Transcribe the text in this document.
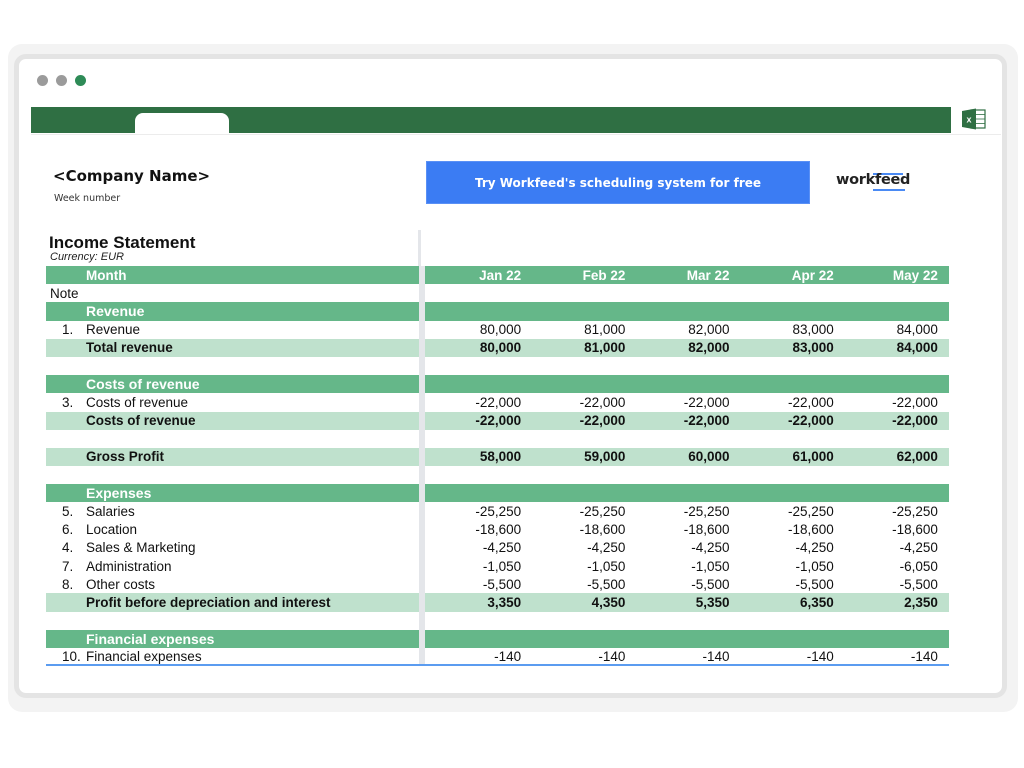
x
<Company Name>
Week number
Try Workfeed's scheduling system for free	workfeed
Income Statement
Currency: EUR
Month	Jan 22	Feb 22	Mar 22	Apr 22	May 22
Note
Revenue
1. Revenue	80,000	81,000	82,000	83,000	84,000
Total revenue	80,000	81,000	82,000	83,000	84,000
Costs of revenue
3. Costs of revenue	-22,000	-22,000	-22,000	-22,000	-22,000
Costs of revenue	-22,000	-22,000	-22,000	-22,000	-22,000
Gross Profit	58,000	59,000	60,000	61,000	62,000
Expenses
5. Salaries	-25,250	-25,250	-25,250	-25,250	-25,250
6. Location	-18,600	-18,600	-18,600	-18,600	-18,600
4. Sales & Marketing	-4,250	-4,250	-4,250	-4,250	-4,250
7. Administration	-1,050	-1,050	-1,050	-1,050	-6,050
8. Other costs	-5,500	-5,500	-5,500	-5,500	-5,500
Profit before depreciation and interest	3,350	4,350	5,350	6,350	2,350
Financial expenses
10. Financial expenses	-140	-140	-140	-140	-140
